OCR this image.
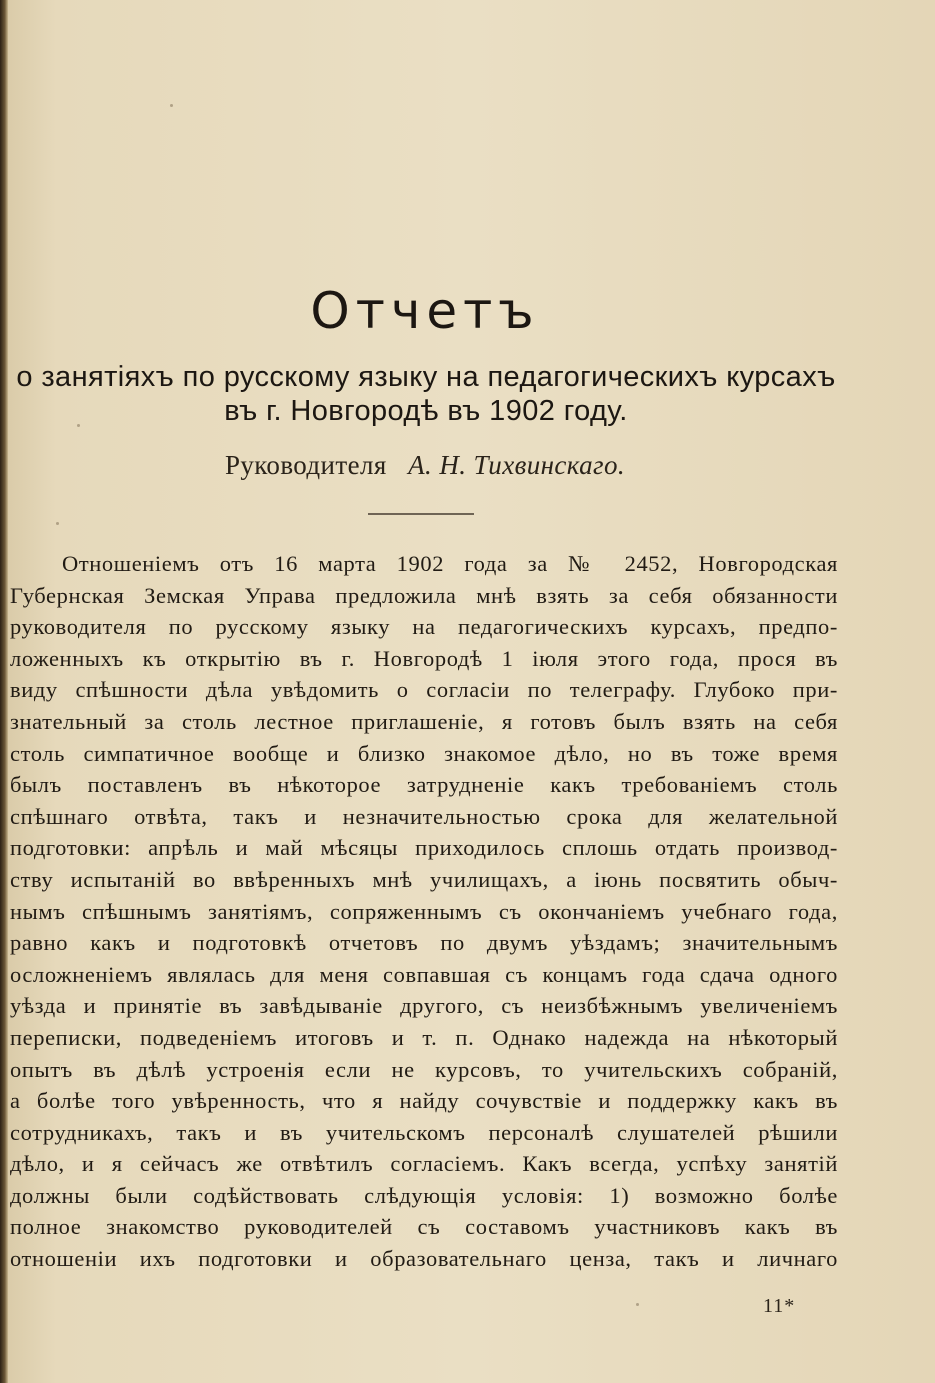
Отчетъ
о занятіяхъ по русскому языку на педагогическихъ курсахъ
въ г. Новгородѣ въ 1902 году.
Руководителя А. Н. Тихвинскаго.
Отношеніемъ отъ 16 марта 1902 года за № 2452, Новгородская
Губернская Земская Управа предложила мнѣ взять за себя обязанности
руководителя по русскому языку на педагогическихъ курсахъ, предпо-
ложенныхъ къ открытію въ г. Новгородѣ 1 іюля этого года, прося въ
виду спѣшности дѣла увѣдомить о согласіи по телеграфу. Глубоко при-
знательный за столь лестное приглашеніе, я готовъ былъ взять на себя
столь симпатичное вообще и близко знакомое дѣло, но въ тоже время
былъ поставленъ въ нѣкоторое затрудненіе какъ требованіемъ столь
спѣшнаго отвѣта, такъ и незначительностью срока для желательной
подготовки: апрѣль и май мѣсяцы приходилось сплошь отдать производ-
ству испытаній во ввѣренныхъ мнѣ училищахъ, а іюнь посвятить обыч-
нымъ спѣшнымъ занятіямъ, сопряженнымъ съ окончаніемъ учебнаго года,
равно какъ и подготовкѣ отчетовъ по двумъ уѣздамъ; значительнымъ
осложненіемъ являлась для меня совпавшая съ концамъ года сдача одного
уѣзда и принятіе въ завѣдываніе другого, съ неизбѣжнымъ увеличеніемъ
переписки, подведеніемъ итоговъ и т. п. Однако надежда на нѣкоторый
опытъ въ дѣлѣ устроенія если не курсовъ, то учительскихъ собраній,
а болѣе того увѣренность, что я найду сочувствіе и поддержку какъ въ
сотрудникахъ, такъ и въ учительскомъ персоналѣ слушателей рѣшили
дѣло, и я сейчасъ же отвѣтилъ согласіемъ. Какъ всегда, успѣху занятій
должны были содѣйствовать слѣдующія условія: 1) возможно болѣе
полное знакомство руководителей съ составомъ участниковъ какъ въ
отношеніи ихъ подготовки и образовательнаго ценза, такъ и личнаго
11*
